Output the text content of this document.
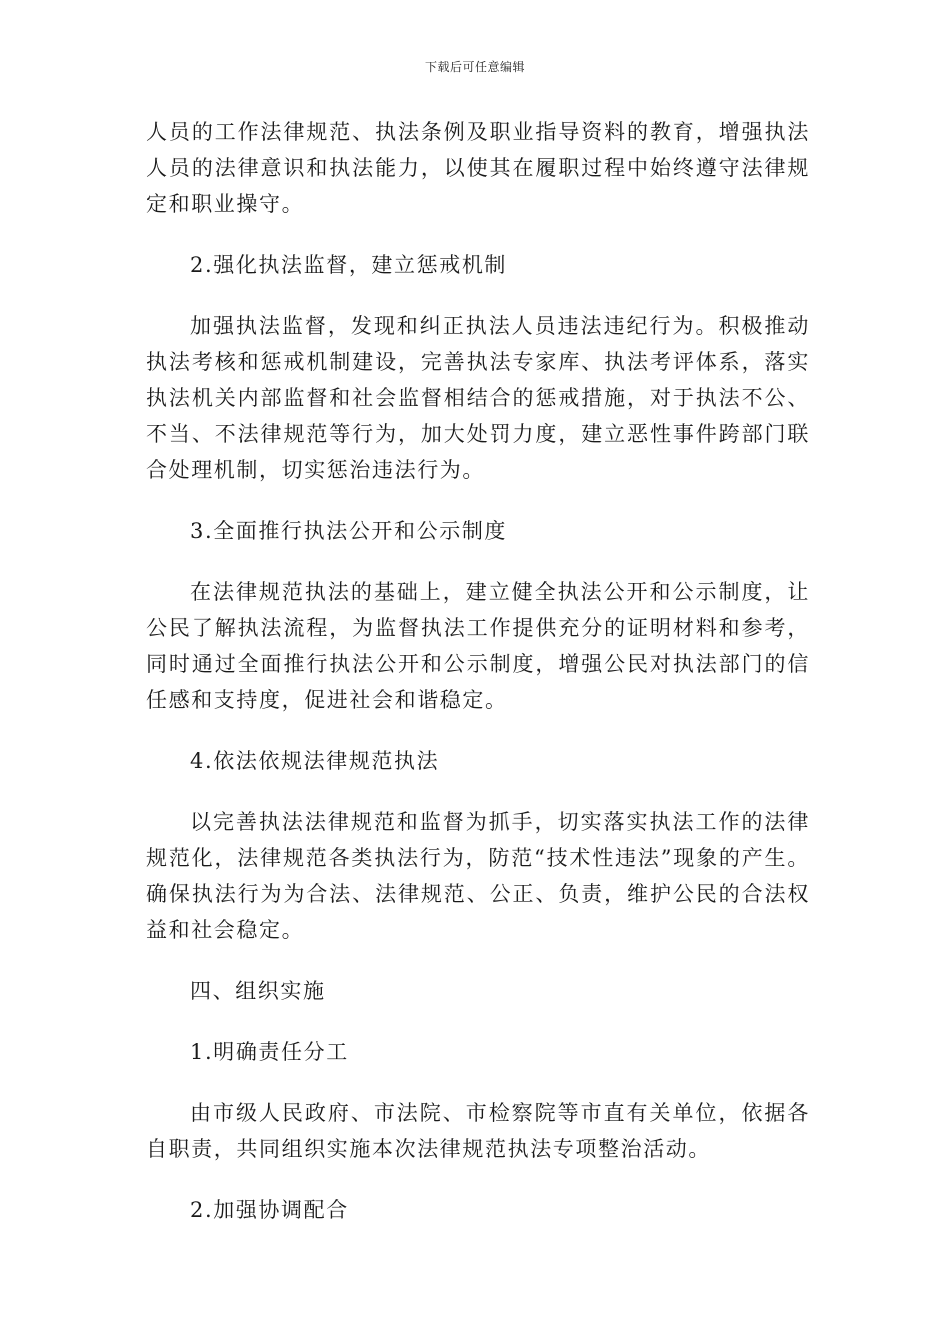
下载后可任意编辑

人员的工作法律规范、执法条例及职业指导资料的教育，增强执法人员的法律意识和执法能力，以使其在履职过程中始终遵守法律规定和职业操守。

2.强化执法监督，建立惩戒机制

加强执法监督，发现和纠正执法人员违法违纪行为。积极推动执法考核和惩戒机制建设，完善执法专家库、执法考评体系，落实执法机关内部监督和社会监督相结合的惩戒措施，对于执法不公、不当、不法律规范等行为，加大处罚力度，建立恶性事件跨部门联合处理机制，切实惩治违法行为。

3.全面推行执法公开和公示制度

在法律规范执法的基础上，建立健全执法公开和公示制度，让公民了解执法流程，为监督执法工作提供充分的证明材料和参考，同时通过全面推行执法公开和公示制度，增强公民对执法部门的信任感和支持度，促进社会和谐稳定。

4.依法依规法律规范执法

以完善执法法律规范和监督为抓手，切实落实执法工作的法律规范化，法律规范各类执法行为，防范“技术性违法”现象的产生。确保执法行为为合法、法律规范、公正、负责，维护公民的合法权益和社会稳定。

四、组织实施

1.明确责任分工

由市级人民政府、市法院、市检察院等市直有关单位，依据各自职责，共同组织实施本次法律规范执法专项整治活动。

2.加强协调配合
